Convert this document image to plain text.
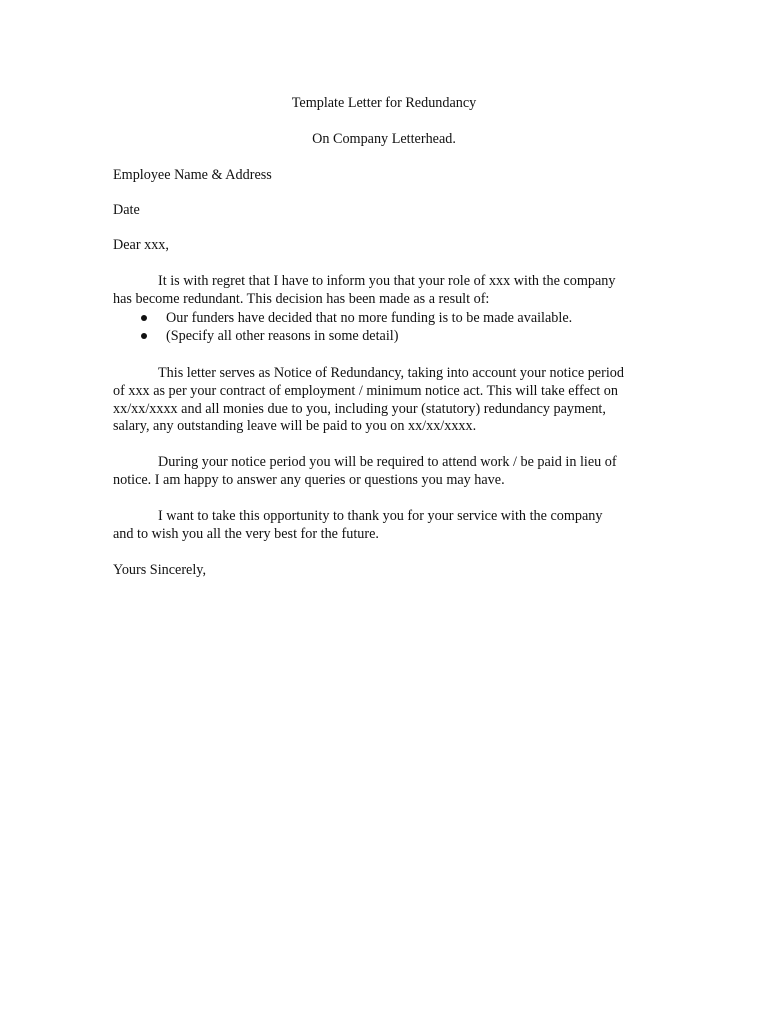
Template Letter for Redundancy
On Company Letterhead.
Employee Name & Address
Date
Dear xxx,
It is with regret that I have to inform you that your role of xxx with the company
has become redundant. This decision has been made as a result of:
Our funders have decided that no more funding is to be made available.
(Specify all other reasons in some detail)
This letter serves as Notice of Redundancy, taking into account your notice period
of xxx as per your contract of employment / minimum notice act. This will take effect on
xx/xx/xxxx and all monies due to you, including your (statutory) redundancy payment,
salary, any outstanding leave will be paid to you on xx/xx/xxxx.
During your notice period you will be required to attend work / be paid in lieu of
notice. I am happy to answer any queries or questions you may have.
I want to take this opportunity to thank you for your service with the company
and to wish you all the very best for the future.
Yours Sincerely,
